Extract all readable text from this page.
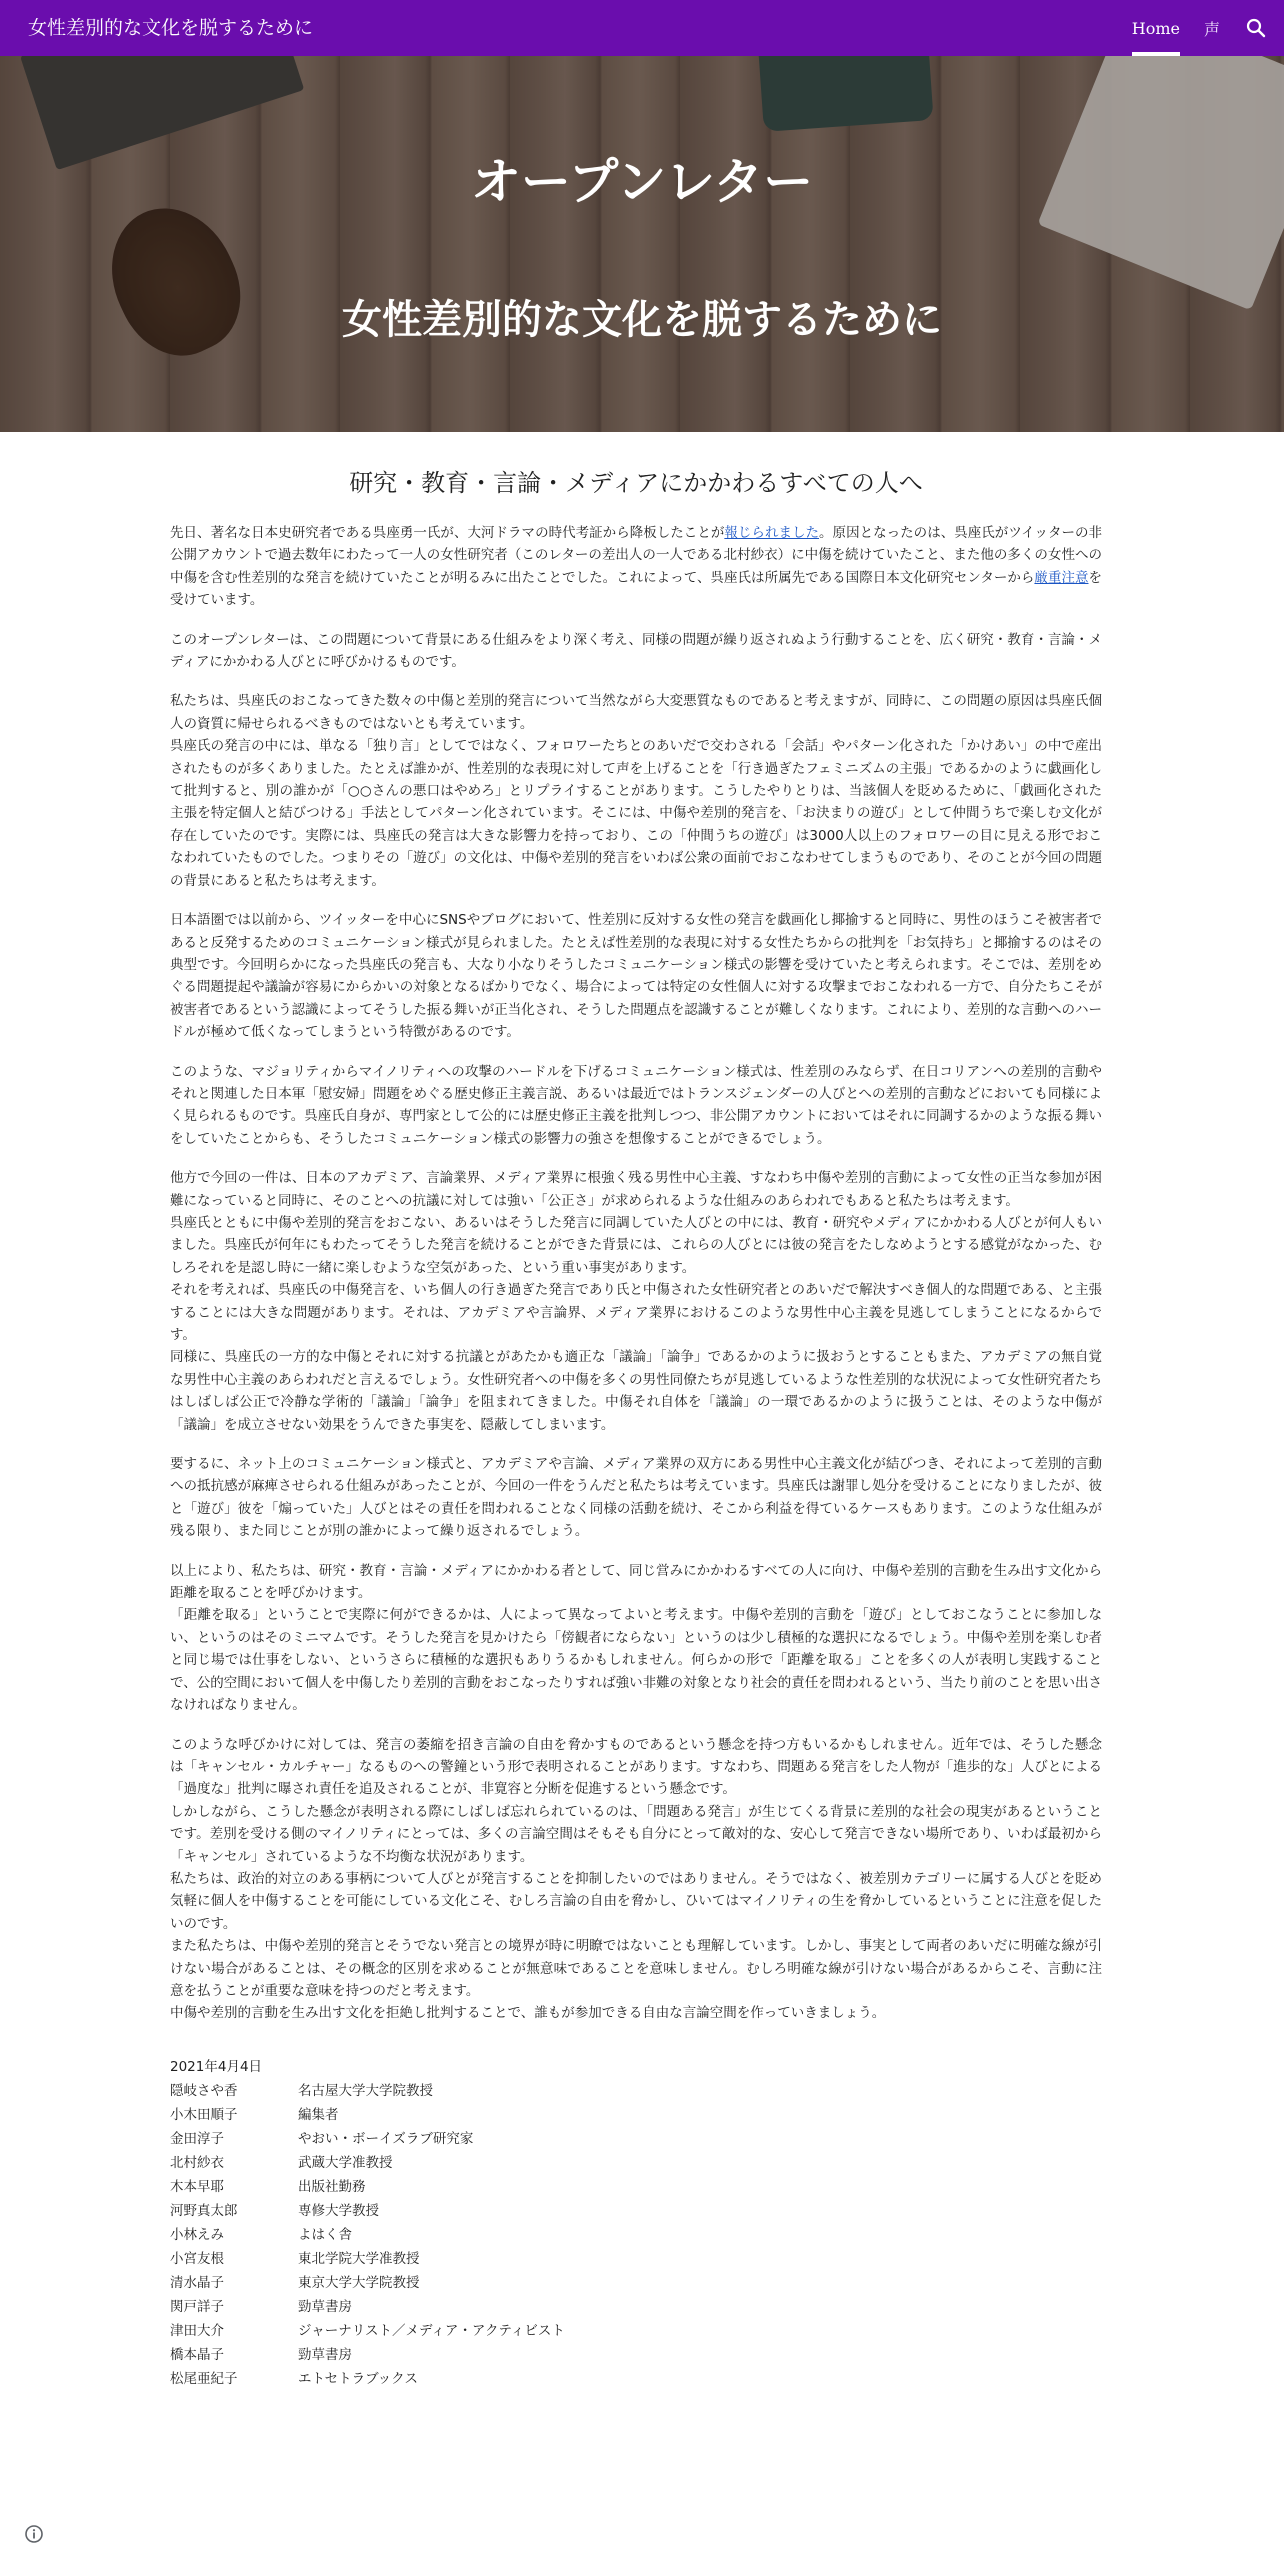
女性差別的な文化を脱するために	Home 声
オープンレター
女性差別的な文化を脱するために
研究・教育・言論・メディアにかかわるすべての人へ

先日、著名な日本史研究者である呉座勇一氏が、大河ドラマの時代考証から降板したことが報じられました。原因となったのは、呉座氏がツイッターの非公開アカウントで過去数年にわたって一人の女性研究者（このレターの差出人の一人である北村紗衣）に中傷を続けていたこと、また他の多くの女性への中傷を含む性差別的な発言を続けていたことが明るみに出たことでした。これによって、呉座氏は所属先である国際日本文化研究センターから厳重注意を受けています。

このオープンレターは、この問題について背景にある仕組みをより深く考え、同様の問題が繰り返されぬよう行動することを、広く研究・教育・言論・メディアにかかわる人びとに呼びかけるものです。

私たちは、呉座氏のおこなってきた数々の中傷と差別的発言について当然ながら大変悪質なものであると考えますが、同時に、この問題の原因は呉座氏個人の資質に帰せられるべきものではないとも考えています。
呉座氏の発言の中には、単なる「独り言」としてではなく、フォロワーたちとのあいだで交わされる「会話」やパターン化された「かけあい」の中で産出されたものが多くありました。たとえば誰かが、性差別的な表現に対して声を上げることを「行き過ぎたフェミニズムの主張」であるかのように戯画化して批判すると、別の誰かが「○○さんの悪口はやめろ」とリプライすることがあります。こうしたやりとりは、当該個人を貶めるために、「戯画化された主張を特定個人と結びつける」手法としてパターン化されています。そこには、中傷や差別的発言を、「お決まりの遊び」として仲間うちで楽しむ文化が存在していたのです。実際には、呉座氏の発言は大きな影響力を持っており、この「仲間うちの遊び」は3000人以上のフォロワーの目に見える形でおこなわれていたものでした。つまりその「遊び」の文化は、中傷や差別的発言をいわば公衆の面前でおこなわせてしまうものであり、そのことが今回の問題の背景にあると私たちは考えます。

日本語圏では以前から、ツイッターを中心にSNSやブログにおいて、性差別に反対する女性の発言を戯画化し揶揄すると同時に、男性のほうこそ被害者であると反発するためのコミュニケーション様式が見られました。たとえば性差別的な表現に対する女性たちからの批判を「お気持ち」と揶揄するのはその典型です。今回明らかになった呉座氏の発言も、大なり小なりそうしたコミュニケーション様式の影響を受けていたと考えられます。そこでは、差別をめぐる問題提起や議論が容易にからかいの対象となるばかりでなく、場合によっては特定の女性個人に対する攻撃までおこなわれる一方で、自分たちこそが被害者であるという認識によってそうした振る舞いが正当化され、そうした問題点を認識することが難しくなります。これにより、差別的な言動へのハードルが極めて低くなってしまうという特徴があるのです。

このような、マジョリティからマイノリティへの攻撃のハードルを下げるコミュニケーション様式は、性差別のみならず、在日コリアンへの差別的言動やそれと関連した日本軍「慰安婦」問題をめぐる歴史修正主義言説、あるいは最近ではトランスジェンダーの人びとへの差別的言動などにおいても同様によく見られるものです。呉座氏自身が、専門家として公的には歴史修正主義を批判しつつ、非公開アカウントにおいてはそれに同調するかのような振る舞いをしていたことからも、そうしたコミュニケーション様式の影響力の強さを想像することができるでしょう。

他方で今回の一件は、日本のアカデミア、言論業界、メディア業界に根強く残る男性中心主義、すなわち中傷や差別的言動によって女性の正当な参加が困難になっていると同時に、そのことへの抗議に対しては強い「公正さ」が求められるような仕組みのあらわれでもあると私たちは考えます。
呉座氏とともに中傷や差別的発言をおこない、あるいはそうした発言に同調していた人びとの中には、教育・研究やメディアにかかわる人びとが何人もいました。呉座氏が何年にもわたってそうした発言を続けることができた背景には、これらの人びとには彼の発言をたしなめようとする感覚がなかった、むしろそれを是認し時に一緒に楽しむような空気があった、という重い事実があります。
それを考えれば、呉座氏の中傷発言を、いち個人の行き過ぎた発言であり氏と中傷された女性研究者とのあいだで解決すべき個人的な問題である、と主張することには大きな問題があります。それは、アカデミアや言論界、メディア業界におけるこのような男性中心主義を見逃してしまうことになるからです。
同様に、呉座氏の一方的な中傷とそれに対する抗議とがあたかも適正な「議論」「論争」であるかのように扱おうとすることもまた、アカデミアの無自覚な男性中心主義のあらわれだと言えるでしょう。女性研究者への中傷を多くの男性同僚たちが見逃しているような性差別的な状況によって女性研究者たちはしばしば公正で冷静な学術的「議論」「論争」を阻まれてきました。中傷それ自体を「議論」の一環であるかのように扱うことは、そのような中傷が「議論」を成立させない効果をうんできた事実を、隠蔽してしまいます。

要するに、ネット上のコミュニケーション様式と、アカデミアや言論、メディア業界の双方にある男性中心主義文化が結びつき、それによって差別的言動への抵抗感が麻痺させられる仕組みがあったことが、今回の一件をうんだと私たちは考えています。呉座氏は謝罪し処分を受けることになりましたが、彼と「遊び」彼を「煽っていた」人びとはその責任を問われることなく同様の活動を続け、そこから利益を得ているケースもあります。このような仕組みが残る限り、また同じことが別の誰かによって繰り返されるでしょう。

以上により、私たちは、研究・教育・言論・メディアにかかわる者として、同じ営みにかかわるすべての人に向け、中傷や差別的言動を生み出す文化から距離を取ることを呼びかけます。
「距離を取る」ということで実際に何ができるかは、人によって異なってよいと考えます。中傷や差別的言動を「遊び」としておこなうことに参加しない、というのはそのミニマムです。そうした発言を見かけたら「傍観者にならない」というのは少し積極的な選択になるでしょう。中傷や差別を楽しむ者と同じ場では仕事をしない、というさらに積極的な選択もありうるかもしれません。何らかの形で「距離を取る」ことを多くの人が表明し実践することで、公的空間において個人を中傷したり差別的言動をおこなったりすれば強い非難の対象となり社会的責任を問われるという、当たり前のことを思い出さなければなりません。

このような呼びかけに対しては、発言の萎縮を招き言論の自由を脅かすものであるという懸念を持つ方もいるかもしれません。近年では、そうした懸念は「キャンセル・カルチャー」なるものへの警鐘という形で表明されることがあります。すなわち、問題ある発言をした人物が「進歩的な」人びとによる「過度な」批判に曝され責任を追及されることが、非寛容と分断を促進するという懸念です。
しかしながら、こうした懸念が表明される際にしばしば忘れられているのは、「問題ある発言」が生じてくる背景に差別的な社会の現実があるということです。差別を受ける側のマイノリティにとっては、多くの言論空間はそもそも自分にとって敵対的な、安心して発言できない場所であり、いわば最初から「キャンセル」されているような不均衡な状況があります。
私たちは、政治的対立のある事柄について人びとが発言することを抑制したいのではありません。そうではなく、被差別カテゴリーに属する人びとを貶め気軽に個人を中傷することを可能にしている文化こそ、むしろ言論の自由を脅かし、ひいてはマイノリティの生を脅かしているということに注意を促したいのです。
また私たちは、中傷や差別的発言とそうでない発言との境界が時に明瞭ではないことも理解しています。しかし、事実として両者のあいだに明確な線が引けない場合があることは、その概念的区別を求めることが無意味であることを意味しません。むしろ明確な線が引けない場合があるからこそ、言動に注意を払うことが重要な意味を持つのだと考えます。
中傷や差別的言動を生み出す文化を拒絶し批判することで、誰もが参加できる自由な言論空間を作っていきましょう。

2021年4月4日
隠岐さや香	名古屋大学大学院教授
小木田順子	編集者
金田淳子	やおい・ボーイズラブ研究家
北村紗衣	武蔵大学准教授
木本早耶	出版社勤務
河野真太郎	専修大学教授
小林えみ	よはく舎
小宮友根	東北学院大学准教授
清水晶子	東京大学大学院教授
関戸詳子	勁草書房
津田大介	ジャーナリスト／メディア・アクティビスト
橋本晶子	勁草書房
松尾亜紀子	エトセトラブックス
